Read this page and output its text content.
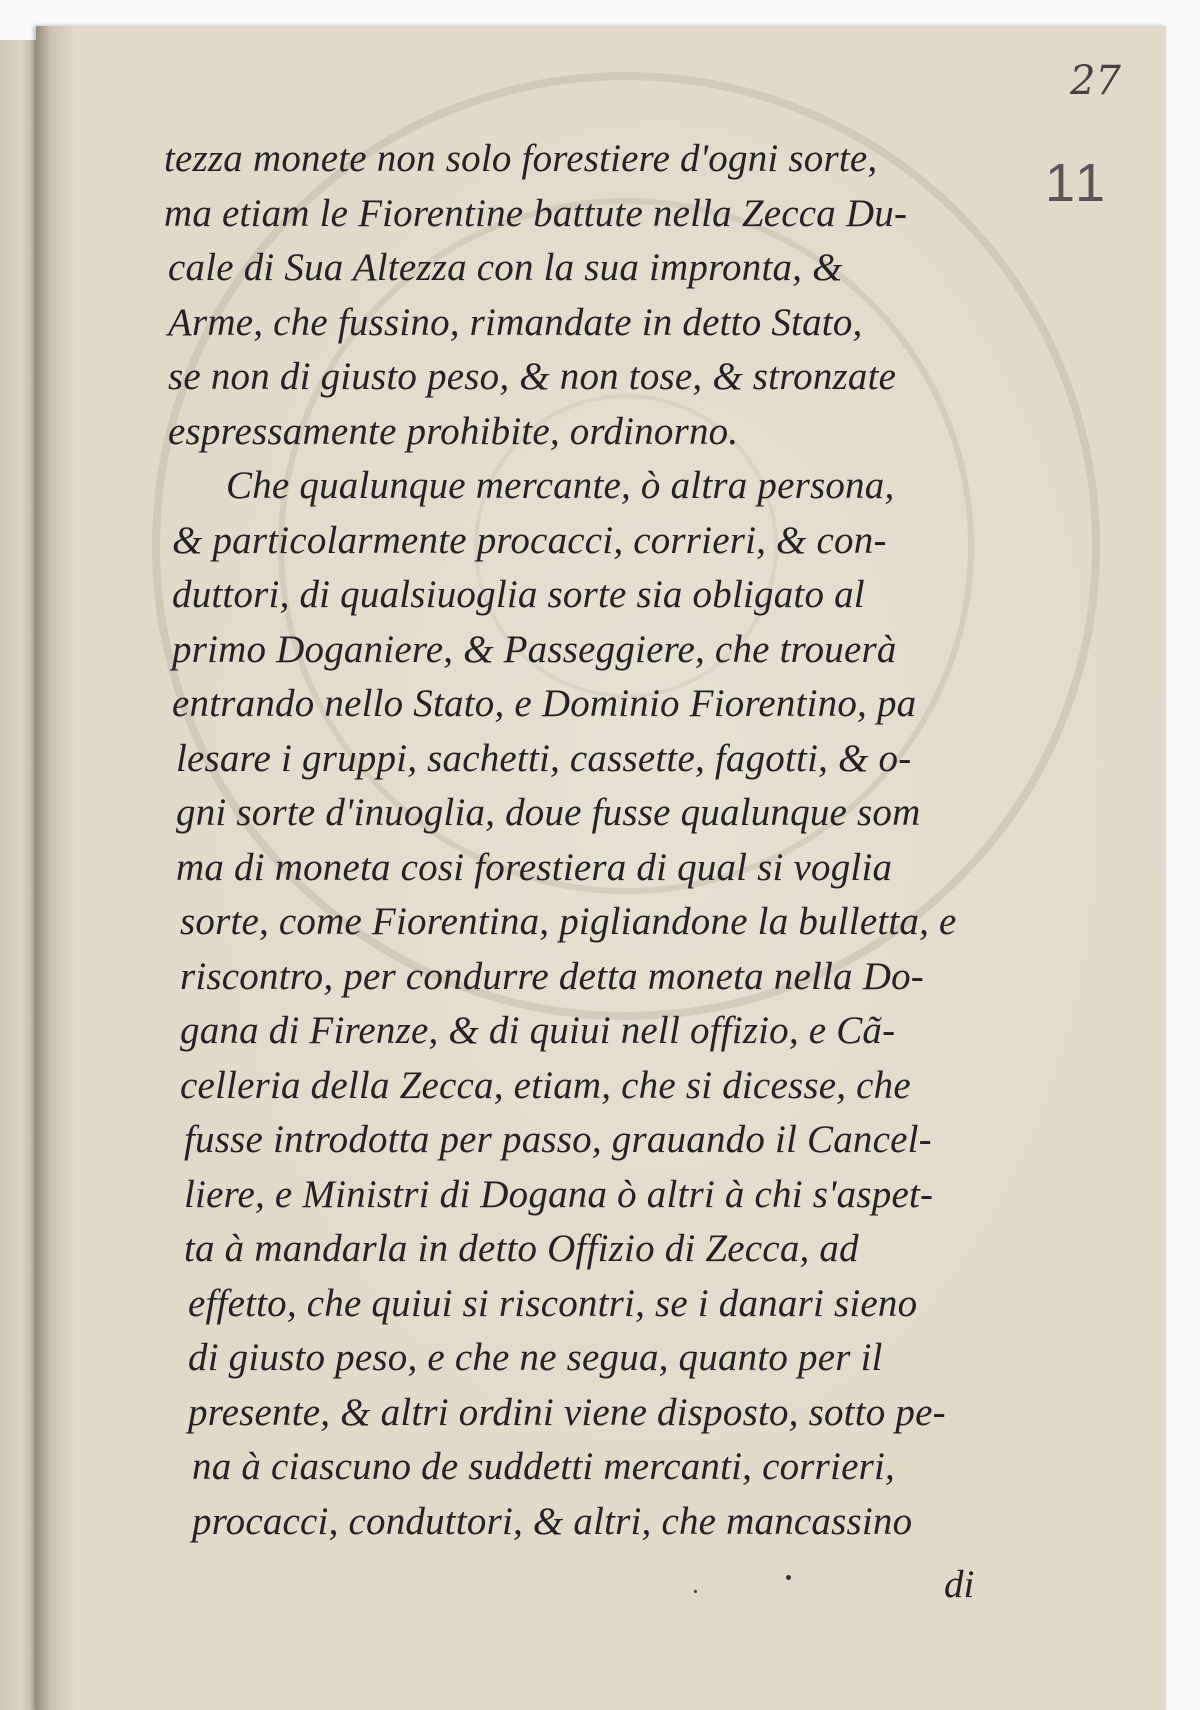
27

11

tezza monete non solo forestiere d'ogni sorte,
ma etiam le Fiorentine battute nella Zecca Du-
cale di Sua Altezza con la sua impronta, &
Arme, che fussino, rimandate in detto Stato,
se non di giusto peso, & non tose, & stronzate
espressamente prohibite, ordinorno.
Che qualunque mercante, ò altra persona,
& particolarmente procacci, corrieri, & con-
duttori, di qualsiuoglia sorte sia obligato al
primo Doganiere, & Passeggiere, che trouerà
entrando nello Stato, e Dominio Fiorentino, pa
lesare i gruppi, sachetti, cassette, fagotti, & o-
gni sorte d'inuoglia, doue fusse qualunque som
ma di moneta cosi forestiera di qual si voglia
sorte, come Fiorentina, pigliandone la bulletta, e
riscontro, per condurre detta moneta nella Do-
gana di Firenze, & di quiui nell offizio, e Cã-
celleria della Zecca, etiam, che si dicesse, che
fusse introdotta per passo, grauando il Cancel-
liere, e Ministri di Dogana ò altri à chi s'aspet-
ta à mandarla in detto Offizio di Zecca, ad
effetto, che quiui si riscontri, se i danari sieno
di giusto peso, e che ne segua, quanto per il
presente, & altri ordini viene disposto, sotto pe-
na à ciascuno de suddetti mercanti, corrieri,
procacci, conduttori, & altri, che mancassino

di
